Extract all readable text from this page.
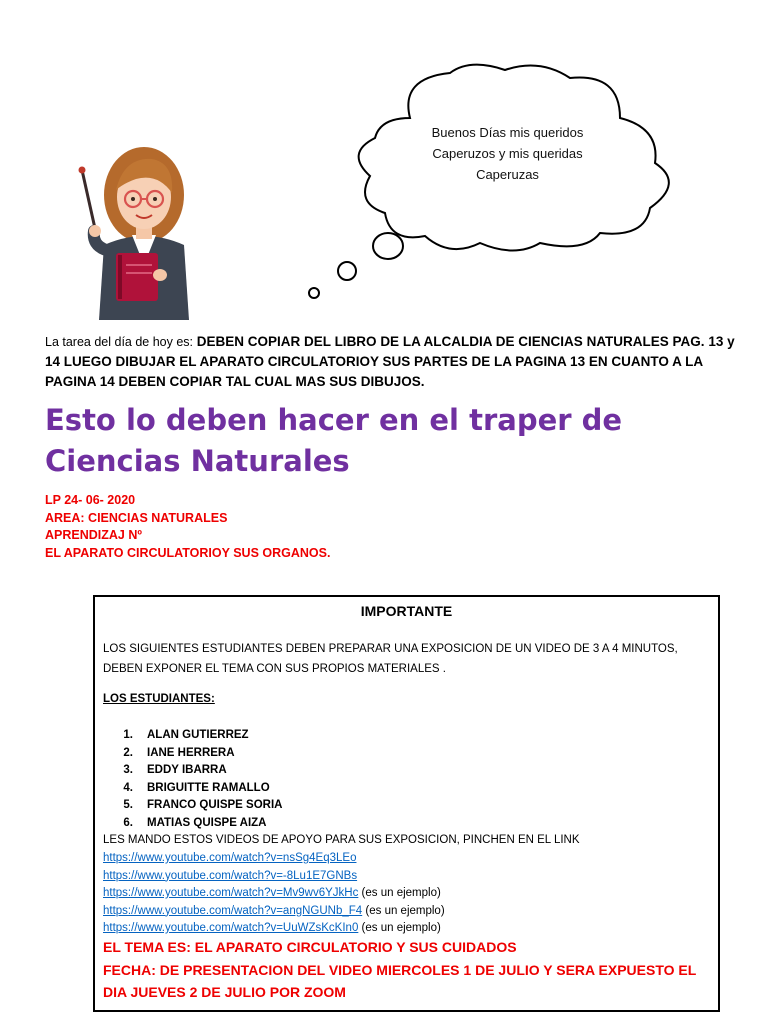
Buenos Días mis queridos
Caperuzos y mis queridas
Caperuzas
La tarea del día de hoy es: DEBEN COPIAR DEL LIBRO DE LA ALCALDIA DE CIENCIAS NATURALES PAG. 13 y 14 LUEGO DIBUJAR EL APARATO CIRCULATORIOY SUS PARTES DE LA PAGINA 13 EN CUANTO A LA PAGINA 14 DEBEN COPIAR TAL CUAL MAS SUS DIBUJOS.
Esto lo deben hacer en el traper de
Ciencias Naturales
LP 24- 06- 2020
AREA: CIENCIAS NATURALES
APRENDIZAJ Nº
EL APARATO CIRCULATORIOY SUS ORGANOS.
IMPORTANTE
LOS SIGUIENTES ESTUDIANTES DEBEN PREPARAR UNA EXPOSICION DE UN VIDEO DE 3 A 4 MINUTOS, DEBEN EXPONER EL TEMA CON SUS PROPIOS MATERIALES .
LOS ESTUDIANTES:
1.	ALAN GUTIERREZ
2.	IANE HERRERA
3.	EDDY IBARRA
4.	BRIGUITTE RAMALLO
5.	FRANCO QUISPE SORIA
6.	MATIAS QUISPE AIZA
LES MANDO ESTOS VIDEOS DE APOYO PARA SUS EXPOSICION, PINCHEN EN EL LINK
https://www.youtube.com/watch?v=nsSg4Eq3LEo
https://www.youtube.com/watch?v=-8Lu1E7GNBs
https://www.youtube.com/watch?v=Mv9wv6YJkHc (es un ejemplo)
https://www.youtube.com/watch?v=angNGUNb_F4 (es un ejemplo)
https://www.youtube.com/watch?v=UuWZsKcKIn0 (es un ejemplo)
EL TEMA ES: EL APARATO CIRCULATORIO Y SUS CUIDADOS
FECHA: DE PRESENTACION DEL VIDEO MIERCOLES 1 DE JULIO Y SERA EXPUESTO EL DIA JUEVES 2 DE JULIO POR ZOOM
